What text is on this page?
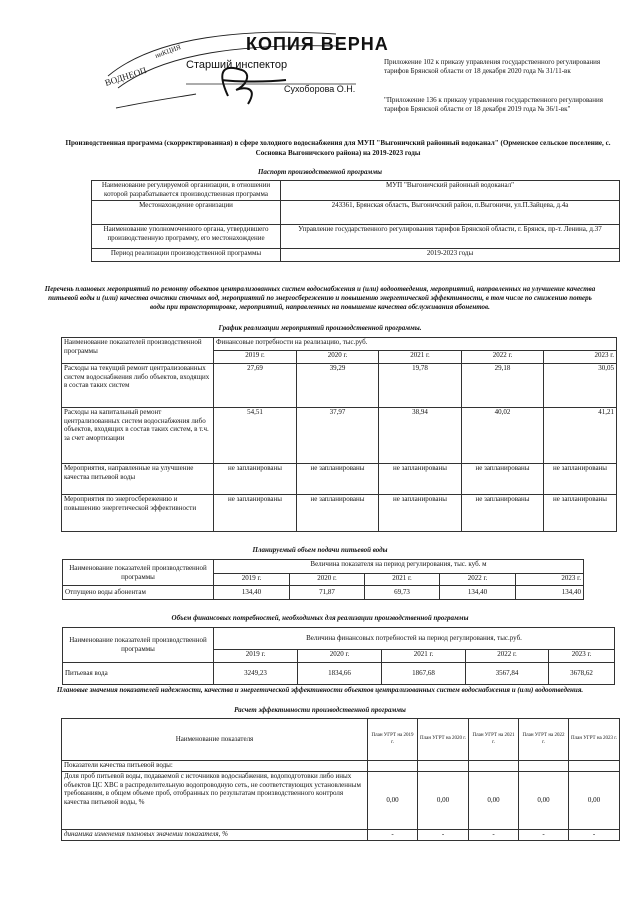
ВОДНЕОП
ниКЦИЯ	КОПИЯ ВЕРНА
Старший инспектор
Сухоборова О.Н.
Приложение 102 к приказу управления государственного регулирования тарифов Брянской области от 18 декабря 2020 года № 31/11-вк
"Приложение 136 к приказу управления государственного регулирования тарифов Брянской области от 18 декабря 2019 года № 36/1-вк"
Производственная программа (скорректированная) в сфере холодного водоснабжения для МУП "Выгоничский районный водоканал" (Орменское сельское поселение, с. Сосновка Выгоничского района) на 2019-2023 годы
Паспорт производственной программы
Наименование регулируемой организации, в отношении которой разрабатывается производственная программа	МУП "Выгоничский районный водоканал"
Местонахождение организации	243361, Брянская область, Выгоничский район, п.Выгоничи, ул.П.Зайцева, д.4а
Наименование уполномоченного органа, утвердившего производственную программу, его местонахождение	Управление государственного регулирования тарифов Брянской области, г. Брянск, пр-т. Ленина, д.37
Период реализации производственной программы	2019-2023 годы
Перечень плановых мероприятий по ремонту объектов централизованных систем водоснабжения и (или) водоотведения, мероприятий, направленных на улучшение качества питьевой воды и (или) качества очистки сточных вод, мероприятий по энергосбережению и повышению энергетической эффективности, в том числе по снижению потерь воды при транспортировке, мероприятий, направленных на повышение качества обслуживания абонентов.
График реализации мероприятий производственной программы.
Наименование показателей производственной программы	Финансовые потребности на реализацию, тыс.руб.				
	2019 г.	2020 г.	2021 г.	2022 г.	2023 г.
Расходы на текущий ремонт централизованных систем водоснабжения либо объектов, входящих в состав таких систем	27,69	39,29	19,78	29,18	30,05
Расходы на капитальный ремонт централизованных систем водоснабжения либо объектов, входящих в состав таких систем, в т.ч. за счет амортизации	54,51	37,97	38,94	40,02	41,21
Мероприятия, направленные на улучшение качества питьевой воды	не запланированы	не запланированы	не запланированы	не запланированы	не запланированы
Мероприятия по энергосбережению и повышению энергетической эффективности	не запланированы	не запланированы	не запланированы	не запланированы	не запланированы
Планируемый объем подачи питьевой воды
Наименование показателей производственной программы	Величина показателя на период регулирования, тыс. куб. м				
	2019 г.	2020 г.	2021 г.	2022 г.	2023 г.
Отпущено воды абонентам	134,40	71,87	69,73	134,40	134,40
Объем финансовых потребностей, необходимых для реализации производственной программы
Наименование показателей производственной программы	Величина финансовых потребностей на период регулирования, тыс.руб.				
	2019 г.	2020 г.	2021 г.	2022 г.	2023 г.
Питьевая вода	3249,23	1834,66	1867,68	3567,84	3678,62
Плановые значения показателей надежности, качества и энергетической эффективности объектов централизованных систем водоснабжения и (или) водоотведения.
Расчет эффективности производственной программы
Наименование показателя	План УГРТ на 2019 г.	План УГРТ на 2020 г.	План УГРТ на 2021 г.	План УГРТ на 2022 г.	План УГРТ на 2023 г.
Показатели качества питьевой воды:					
Доля проб питьевой воды, подаваемой с источников водоснабжения, водоподготовки либо иных объектов ЦС ХВС в распределительную водопроводную сеть, не соответствующих установленным требованиям, в общем объеме проб, отобранных по результатам производственного контроля качества питьевой воды, %	0,00	0,00	0,00	0,00	0,00
динамика изменения плановых значении показателя, %	-	-	-	-	-
